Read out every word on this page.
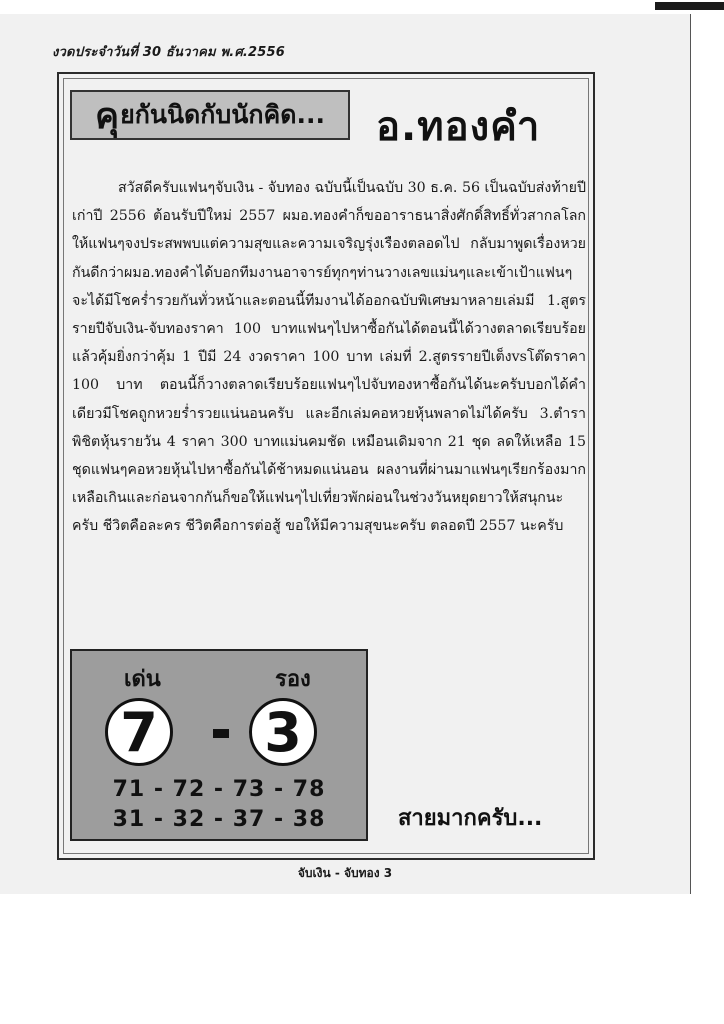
งวดประจำวันที่ 30 ธันวาคม พ.ศ.2556
คุ ยกันนิดกับนักคิด... อ.ทองคำ

สวัสดีครับแฟนๆจับเงิน - จับทอง ฉบับนี้เป็นฉบับ 30 ธ.ค. 56 เป็นฉบับส่งท้ายปีเก่าปี 2556 ต้อนรับปีใหม่ 2557 ผมอ.ทองคำก็ขออาราธนาสิ่งศักดิ์สิทธิ์ทั่วสากลโลกให้แฟนๆจงประสพพบแต่ความสุขและความเจริญรุ่งเรืองตลอดไป กลับมาพูดเรื่องหวยกันดีกว่าผมอ.ทองคำได้บอกทีมงานอาจารย์ทุกๆท่านวางเลขแม่นๆและเข้าเป้าแฟนๆจะได้มีโชคร่ำรวยกันทั่วหน้าและตอนนี้ทีมงานได้ออกฉบับพิเศษมาหลายเล่มมี 1.สูตรรายปีจับเงิน-จับทองราคา 100 บาทแฟนๆไปหาซื้อกันได้ตอนนี้ได้วางตลาดเรียบร้อยแล้วคุ้มยิ่งกว่าคุ้ม 1 ปีมี 24 งวดราคา 100 บาท เล่มที่ 2.สูตรรายปีเต็งvsโต๊ดราคา 100 บาท ตอนนี้ก็วางตลาดเรียบร้อยแฟนๆไปจับทองหาซื้อกันได้นะครับบอกได้คำเดียวมีโชคถูกหวยร่ำรวยแน่นอนครับ และอีกเล่มคอหวยหุ้นพลาดไม่ได้ครับ 3.ตำราพิชิตหุ้นรายวัน 4 ราคา 300 บาทแม่นคมชัด เหมือนเดิมจาก 21 ชุด ลดให้เหลือ 15 ชุดแฟนๆคอหวยหุ้นไปหาซื้อกันได้ช้าหมดแน่นอน ผลงานที่ผ่านมาแฟนๆเรียกร้องมากเหลือเกินและก่อนจากกันก็ขอให้แฟนๆไปเที่ยวพักผ่อนในช่วงวันหยุดยาวให้สนุกนะครับ ชีวิตคือละคร ชีวิตคือการต่อสู้ ขอให้มีความสุขนะครับ ตลอดปี 2557 นะครับ

เด่น	รอง
7 3
71 - 72 - 73 - 78
31 - 32 - 37 - 38	สายมากครับ...
จับเงิน - จับทอง 3
